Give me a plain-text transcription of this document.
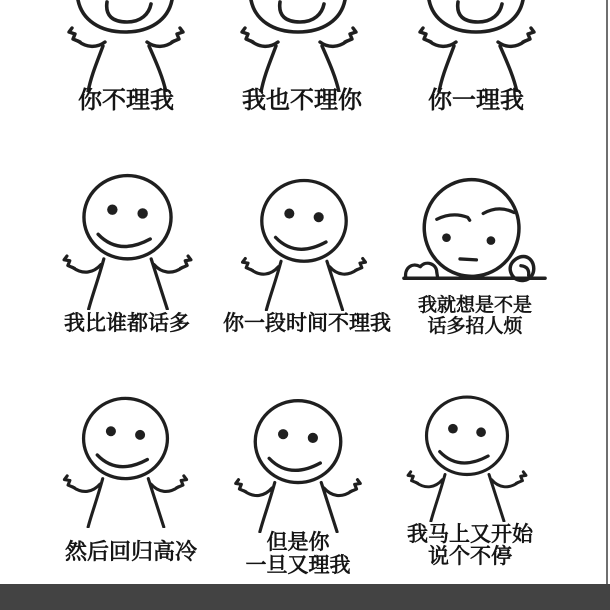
你不理我	我也不理你	你一理我
我比谁都话多	你一段时间不理我
我就想是不是
话多招人烦
然后回归高冷	但是你
一旦又理我
我马上又开始
说个不停
